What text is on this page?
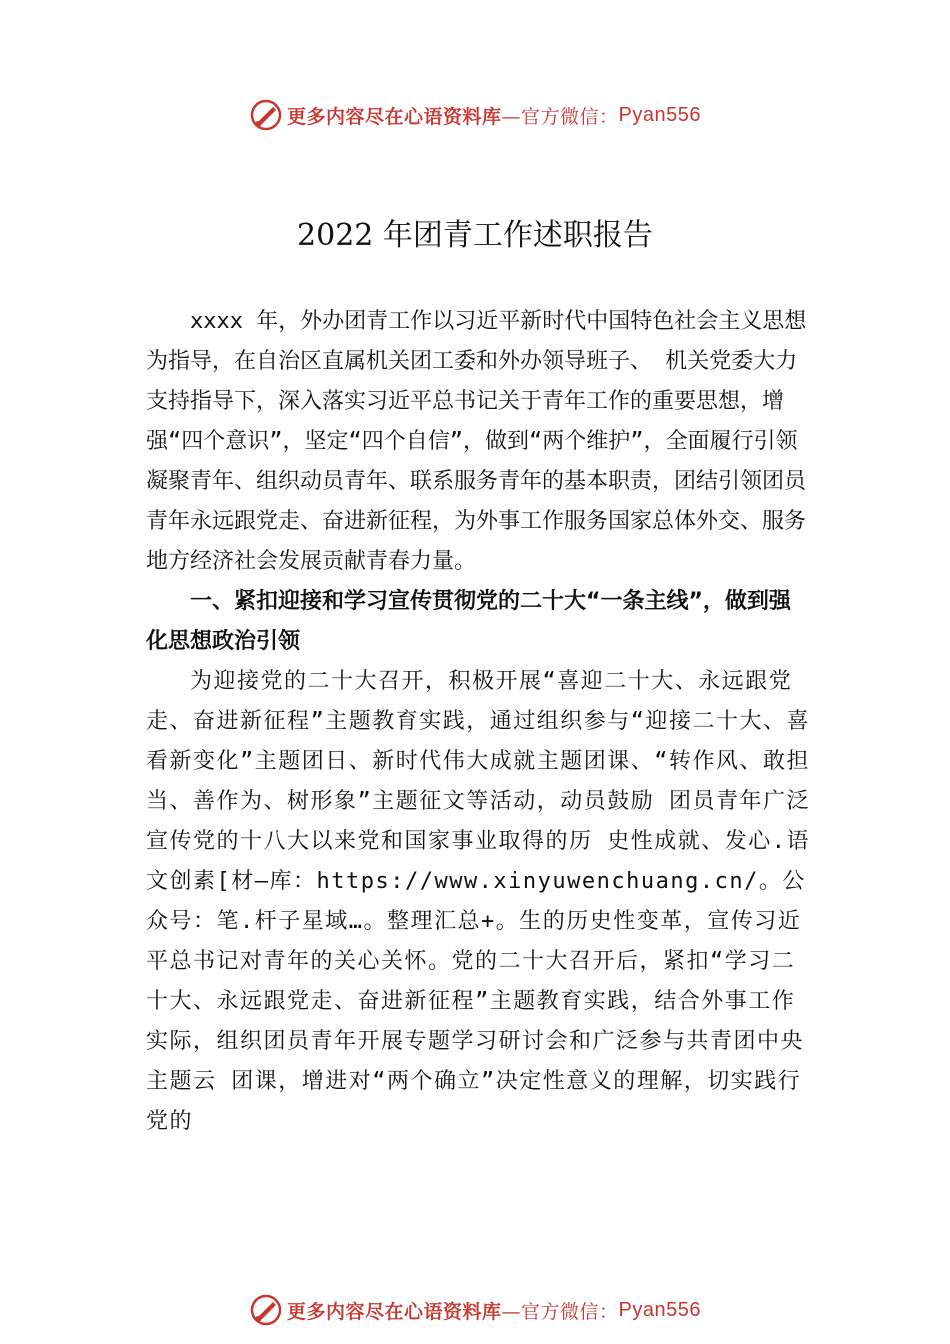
更多内容尽在心语资料库 —官方微信： Pyan556
2022 年团青工作述职报告

xxxx 年，外办团青工作以习近平新时代中国特色社会主义思想为指导，在自治区直属机关团工委和外办领导班子、 机关党委大力支持指导下，深入落实习近平总书记关于青年工作的重要思想，增强“四个意识”，坚定“四个自信”，做到“两个维护”，全面履行引领凝聚青年、组织动员青年、联系服务青年的基本职责，团结引领团员青年永远跟党走、奋进新征程，为外事工作服务国家总体外交、服务地方经济社会发展贡献青春力量。

一、紧扣迎接和学习宣传贯彻党的二十大“一条主线”，做到强化思想政治引领

为迎接党的二十大召开，积极开展“喜迎二十大、永远跟党走、奋进新征程”主题教育实践，通过组织参与“迎接二十大、喜看新变化”主题团日、新时代伟大成就主题团课、“转作风、敢担当、善作为、树形象”主题征文等活动，动员鼓励 团员青年广泛宣传党的十八大以来党和国家事业取得的历 史性成就、发心.语文创素[材—库：https://www.xinyuwenchuang.cn/。公众号：笔.杆子星域…。整理汇总+。生的历史性变革，宣传习近平总书记对青年的关心关怀。党的二十大召开后，紧扣“学习二十大、永远跟党走、奋进新征程”主题教育实践，结合外事工作实际，组织团员青年开展专题学习研讨会和广泛参与共青团中央主题云 团课，增进对“两个确立”决定性意义的理解，切实践行党的

更多内容尽在心语资料库 —官方微信： Pyan556
